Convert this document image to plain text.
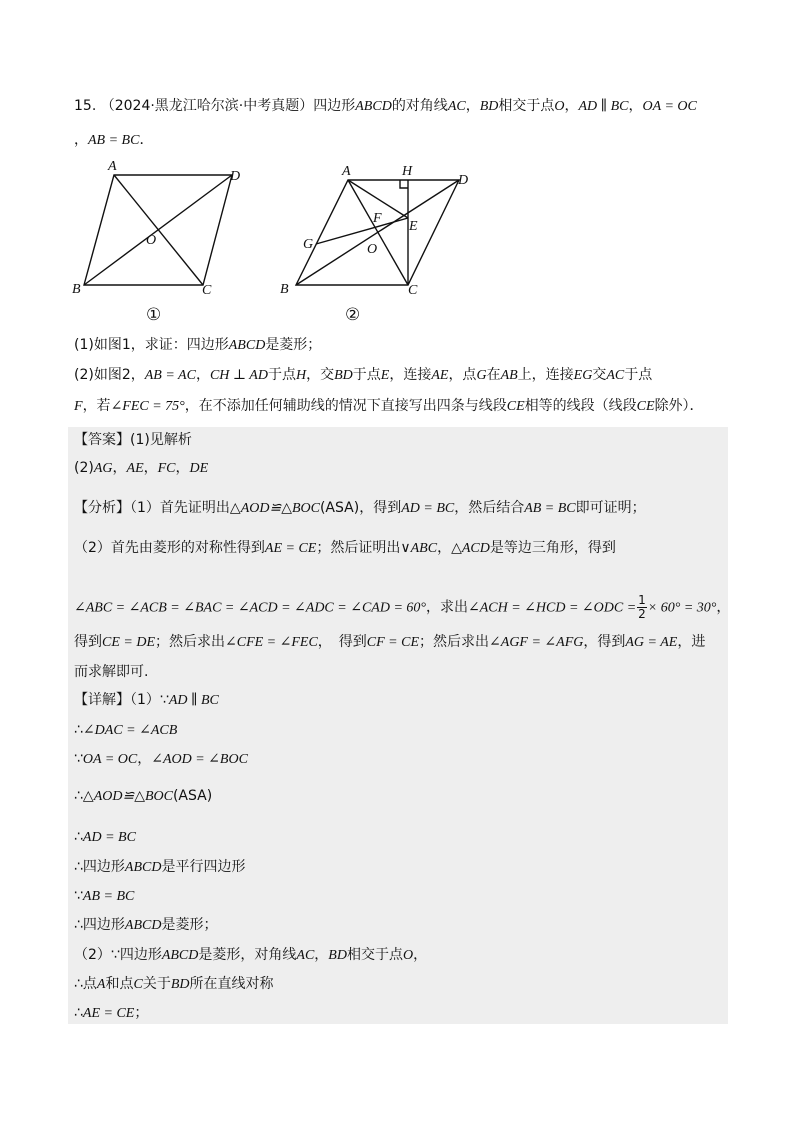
15. （2024·黑龙江哈尔滨·中考真题）四边形ABCD的对角线AC，BD相交于点O，AD ∥ BC，OA = OC
，AB = BC．
A
D
B	C
O
①
A	H
D
F
E
G	O
B	C
②
(1)如图1，求证：四边形ABCD是菱形；
(2)如图2，AB = AC，CH ⊥ AD于点H，交BD于点E，连接AE，点G在AB上，连接EG交AC于点
F，若∠FEC = 75°，在不添加任何辅助线的情况下直接写出四条与线段CE相等的线段（线段CE除外）．
【答案】(1)见解析
(2)AG，AE，FC，DE
【分析】（1）首先证明出△AOD≌△BOC(ASA)，得到AD = BC，然后结合AB = BC即可证明；
（2）首先由菱形的对称性得到AE = CE；然后证明出∨ABC，△ACD是等边三角形，得到
∠ABC = ∠ACB = ∠BAC = ∠ACD = ∠ADC = ∠CAD = 60°，求出∠ACH = ∠HCD = ∠ODC = $\frac{1}{2} \times 60^\circ = 30^\circ$，
得到CE = DE；然后求出∠CFE = ∠FEC，　得到CF = CE；然后求出∠AGF = ∠AFG，得到AG = AE，进
而求解即可.
【详解】（1）∵AD ∥ BC
∴∠DAC = ∠ACB
∵OA = OC，∠AOD = ∠BOC
∴△AOD≌△BOC(ASA)
∴AD = BC
∴四边形ABCD是平行四边形
∵AB = BC
∴四边形ABCD是菱形；
（2）∵四边形ABCD是菱形，对角线AC，BD相交于点O，
∴点A和点C关于BD所在直线对称
∴AE = CE；
